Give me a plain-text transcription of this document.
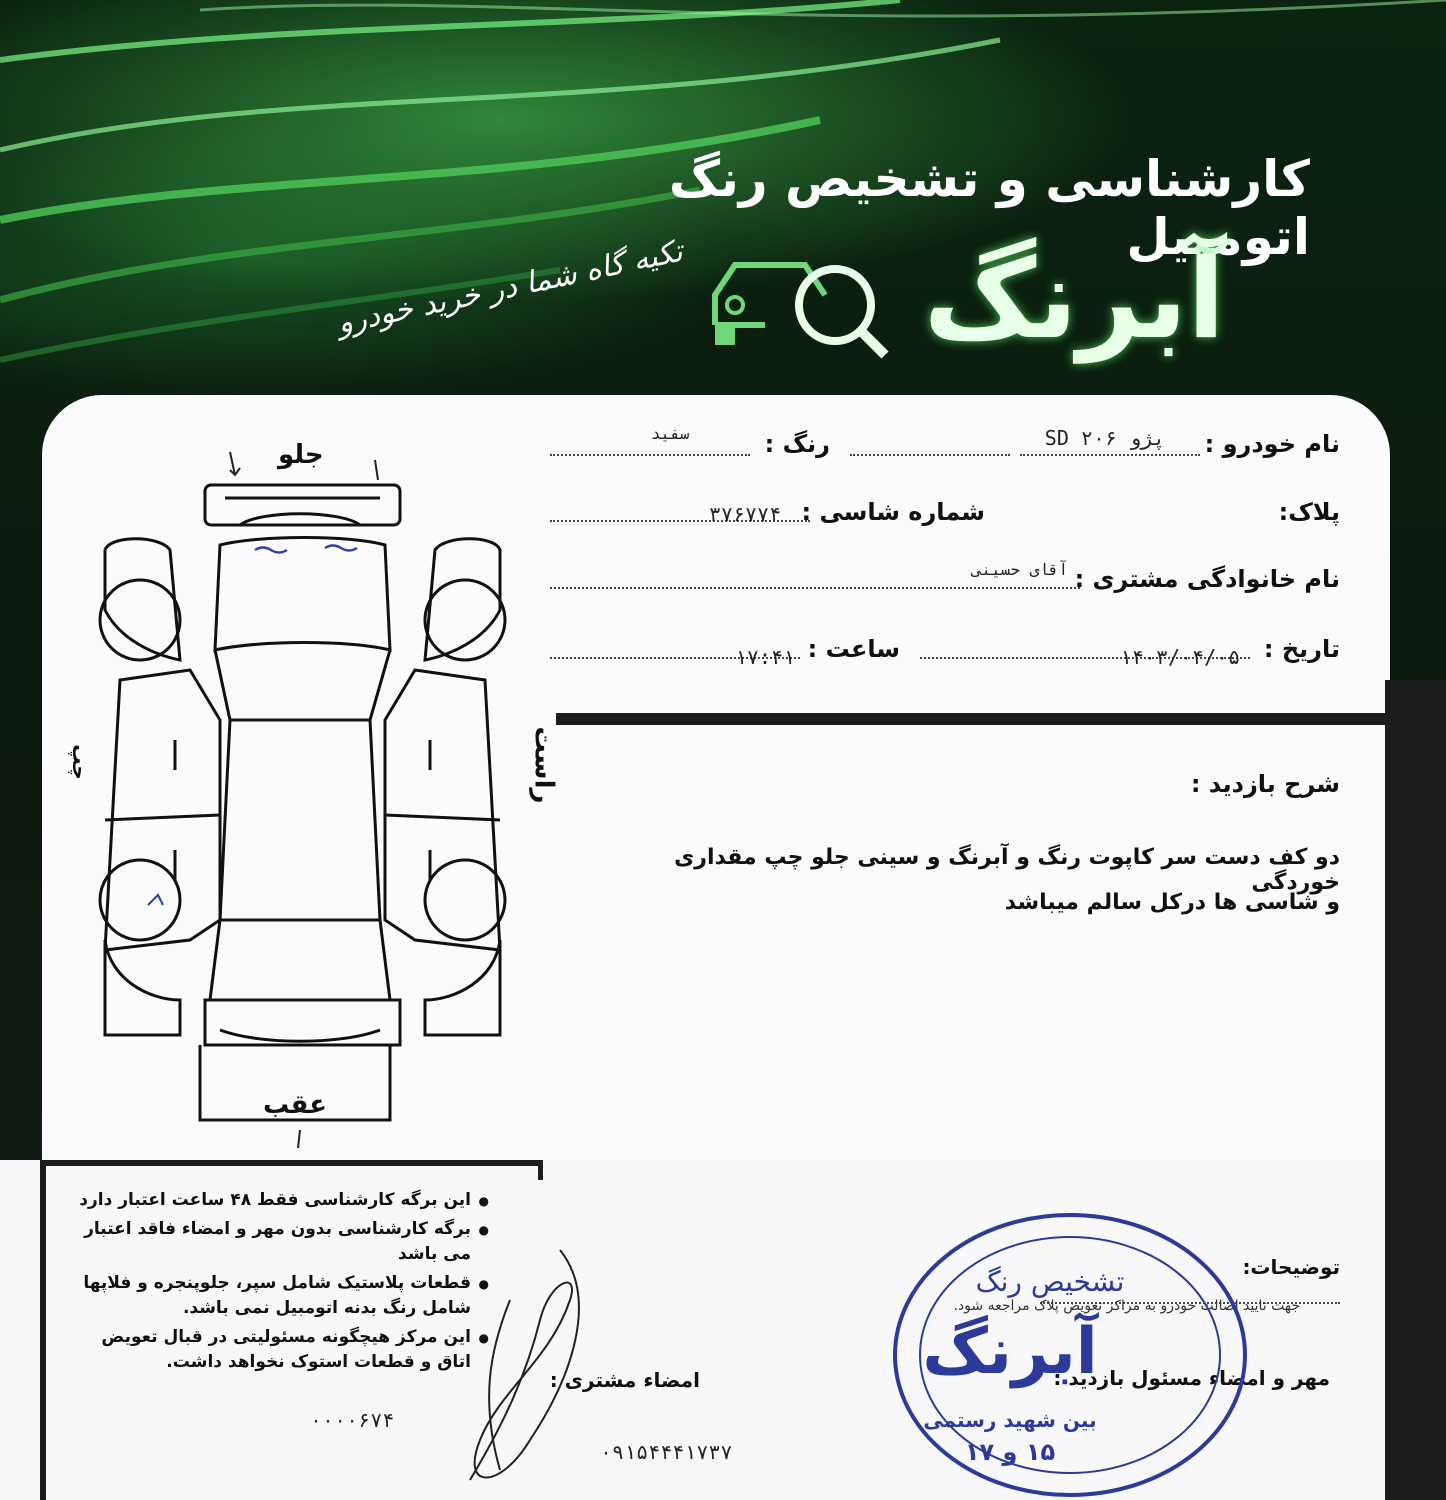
کارشناسی و تشخیص رنگ اتومبیل
آبرنگ
تکیه گاه شما در خرید خودرو
نام خودرو :
پژو ۲۰۶ SD
رنگ :
سفید
پلاک:
شماره شاسی :
۳۷۶۷۷۴
نام خانوادگی مشتری :
آقای حسینی
تاریخ :
۱۴۰۳/۰۴/۰۵
ساعت :
۱۷:۴۱
شرح بازدید :
دو کف دست سر کاپوت رنگ و آبرنگ و سینی جلو چپ مقداری خوردگی
و شاسی ها درکل سالم میباشد
جلو
عقب
راست
چپ
● این برگه کارشناسی فقط ۴۸ ساعت اعتبار دارد
● برگه کارشناسی بدون مهر و امضاء فاقد اعتبار می باشد
● قطعات پلاستیک شامل سپر، جلوپنجره و فلاپها شامل رنگ بدنه اتومبیل نمی باشد.
● این مرکز هیچگونه مسئولیتی در قبال تعویض اتاق و قطعات استوک نخواهد داشت.
توضیحات:
جهت تایید اصالت خودرو به مراکز تعویض پلاک مراجعه شود.
مهر و امضاء مسئول بازدید :
امضاء مشتری :
۰۰۰۰۶۷۴
۰۹۱۵۴۴۴۱۷۳۷
تشخیص رنگ
آبرنگ
بین شهید رستمی
۱۵ و ۱۷
